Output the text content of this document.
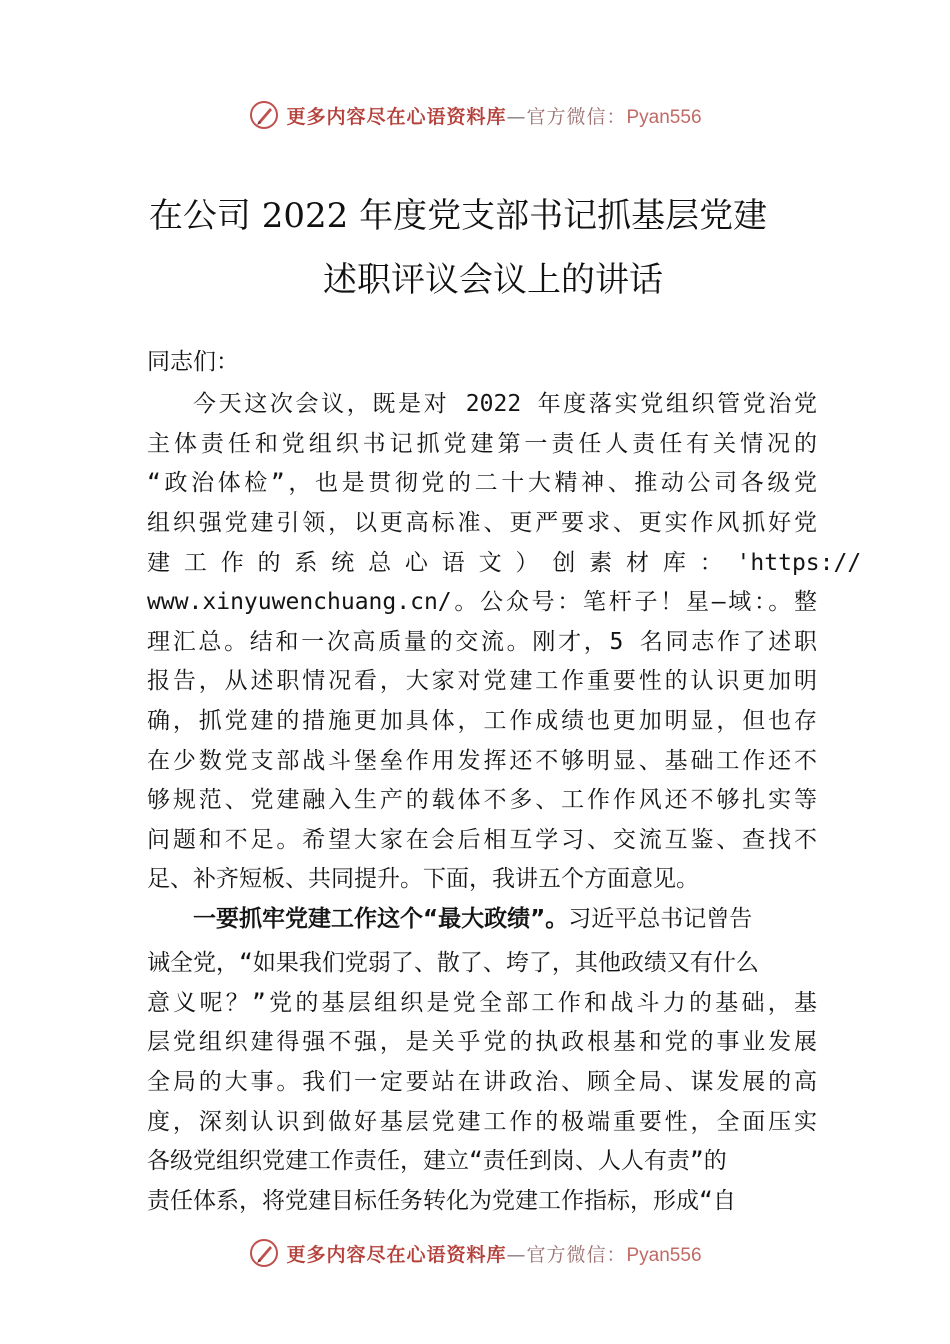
更多内容尽在心语资料库—官方微信：Pyan556
在公司 2022 年度党支部书记抓基层党建
述职评议会议上的讲话
同志们：
今天这次会议，既是对 2022 年度落实党组织管党治党
主体责任和党组织书记抓党建第一责任人责任有关情况的
“政治体检”，也是贯彻党的二十大精神、推动公司各级党
组织强党建引领，以更高标准、更严要求、更实作风抓好党
建 工 作 的 系 统 总 心 语 文 ） 创 素 材 库 ： 'https://
www.xinyuwenchuang.cn/。公众号：笔杆子！星—域：。整
理汇总。结和一次高质量的交流。刚才，5 名同志作了述职
报告，从述职情况看，大家对党建工作重要性的认识更加明
确，抓党建的措施更加具体，工作成绩也更加明显，但也存
在少数党支部战斗堡垒作用发挥还不够明显、基础工作还不
够规范、党建融入生产的载体不多、工作作风还不够扎实等
问题和不足。希望大家在会后相互学习、交流互鉴、查找不
足、补齐短板、共同提升。下面，我讲五个方面意见。
一要抓牢党建工作这个“最大政绩”。习近平总书记曾告
诫全党，“如果我们党弱了、散了、垮了，其他政绩又有什么
意义呢？”党的基层组织是党全部工作和战斗力的基础，基
层党组织建得强不强，是关乎党的执政根基和党的事业发展
全局的大事。我们一定要站在讲政治、顾全局、谋发展的高
度，深刻认识到做好基层党建工作的极端重要性，全面压实
各级党组织党建工作责任，建立“责任到岗、人人有责”的
责任体系，将党建目标任务转化为党建工作指标，形成“自
更多内容尽在心语资料库—官方微信：Pyan556
